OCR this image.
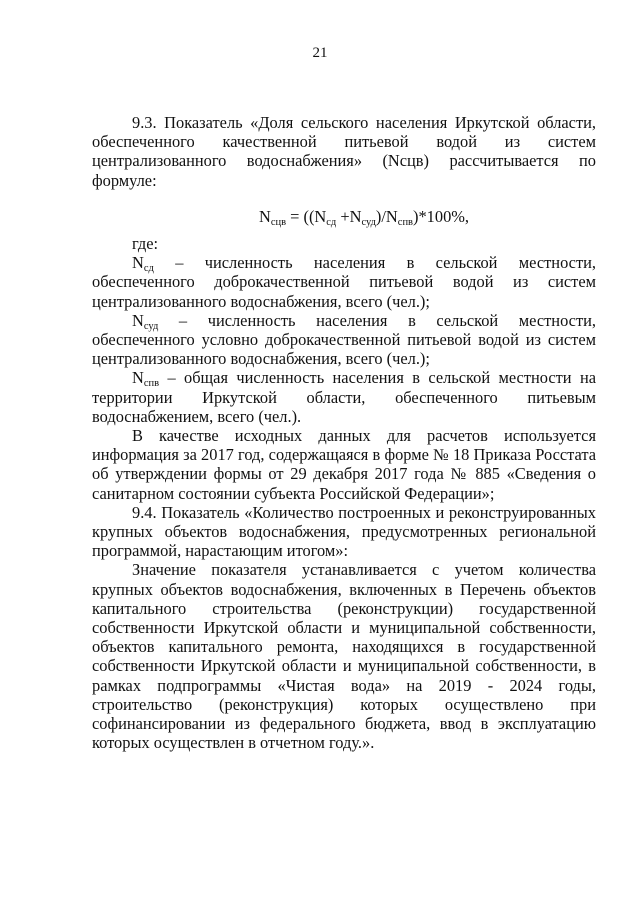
21

9.3. Показатель «Доля сельского населения Иркутской области, обеспеченного качественной питьевой водой из систем централизованного водоснабжения» (Nсцв) рассчитывается по формуле:

$N_{сцв} = ((N_{сд} +N_{суд})/N_{спв})*100\%$,

где:

$N_{сд}$ – численность населения в сельской местности, обеспеченного доброкачественной питьевой водой из систем централизованного водоснабжения, всего (чел.);

$N_{суд}$ – численность населения в сельской местности, обеспеченного условно доброкачественной питьевой водой из систем централизованного водоснабжения, всего (чел.);

$N_{спв}$ – общая численность населения в сельской местности на территории Иркутской области, обеспеченного питьевым водоснабжением, всего (чел.).

В качестве исходных данных для расчетов используется информация за 2017 год, содержащаяся в форме № 18 Приказа Росстата об утверждении формы от 29 декабря 2017 года № 885 «Сведения о санитарном состоянии субъекта Российской Федерации»;

9.4. Показатель «Количество построенных и реконструированных крупных объектов водоснабжения, предусмотренных региональной программой, нарастающим итогом»:

Значение показателя устанавливается с учетом количества крупных объектов водоснабжения, включенных в Перечень объектов капитального строительства (реконструкции) государственной собственности Иркутской области и муниципальной собственности, объектов капитального ремонта, находящихся в государственной собственности Иркутской области и муниципальной собственности, в рамках подпрограммы «Чистая вода» на 2019 - 2024 годы, строительство (реконструкция) которых осуществлено при софинансировании из федерального бюджета, ввод в эксплуатацию которых осуществлен в отчетном году.».
